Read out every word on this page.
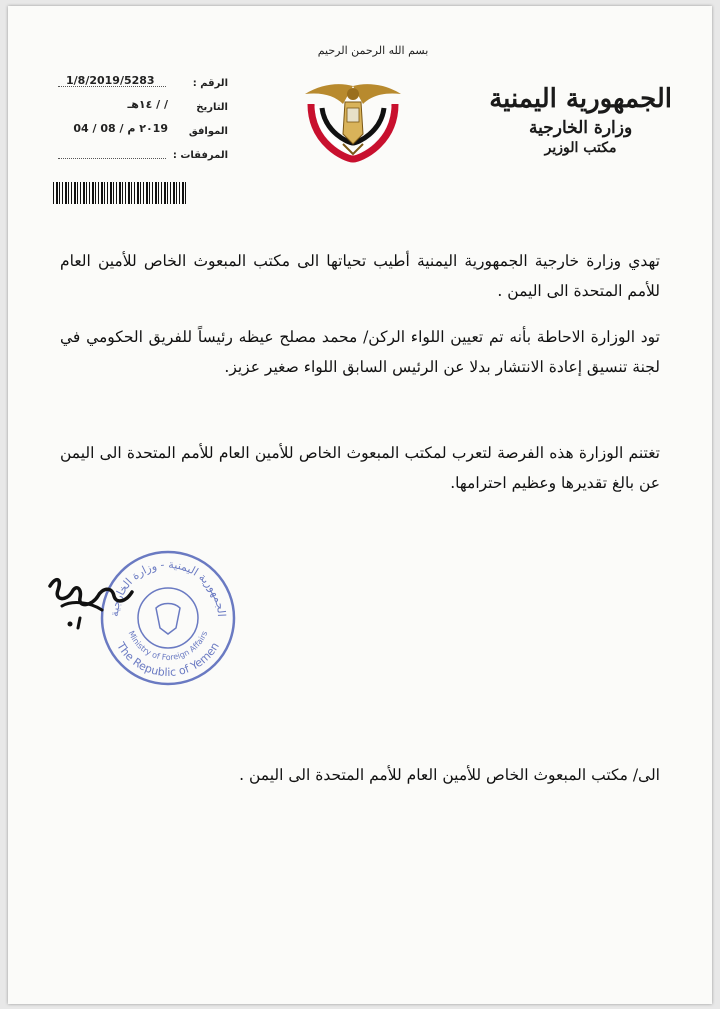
بسم الله الرحمن الرحيم
الجمهورية اليمنية
وزارة الخارجية
مكتب الوزير
الرقم :
1/8/2019/5283
التاريخ
/ / ١٤هـ
الموافق
٢٠19 م / 08 / 04
المرفقات :
تهدي وزارة خارجية الجمهورية اليمنية أطيب تحياتها الى مكتب المبعوث الخاص للأمين العام للأمم المتحدة الى اليمن .
تود الوزارة الاحاطة بأنه تم تعيين اللواء الركن/ محمد مصلح عيظه رئيساً للفريق الحكومي في لجنة تنسيق إعادة الانتشار بدلا عن الرئيس السابق اللواء صغير عزيز.
تغتنم الوزارة هذه الفرصة لتعرب لمكتب المبعوث الخاص للأمين العام للأمم المتحدة الى اليمن عن بالغ تقديرها وعظيم احترامها.
الجمهورية اليمنية - وزارة الخارجية
Ministry of Foreign Affairs
The Republic of Yemen
الى/ مكتب المبعوث الخاص للأمين العام للأمم المتحدة الى اليمن .
